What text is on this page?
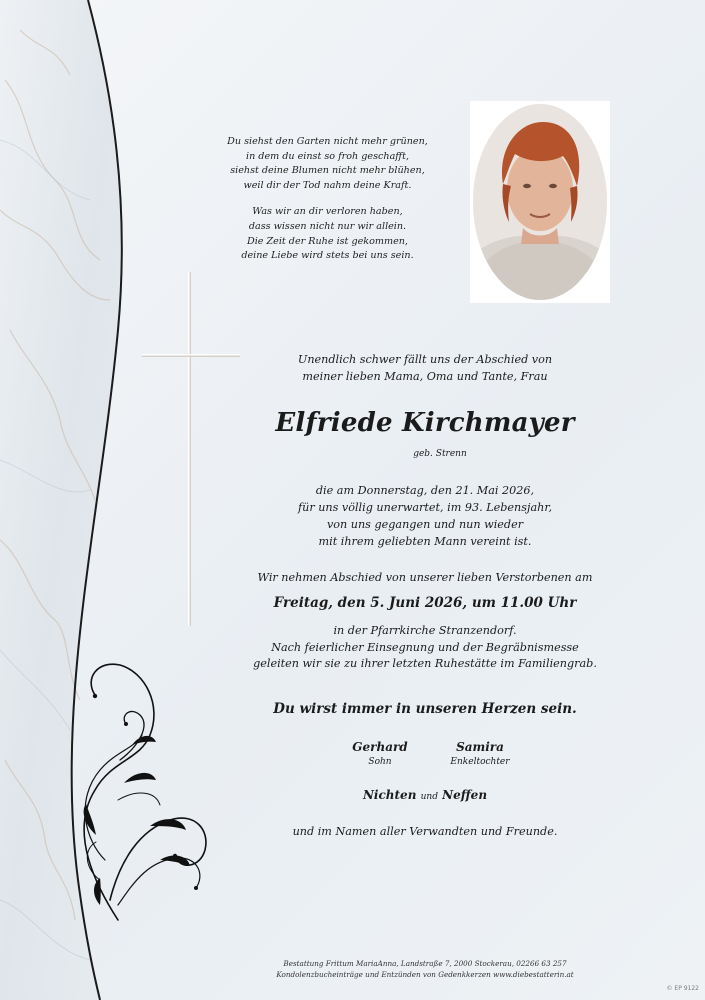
Du siehst den Garten nicht mehr grünen,
in dem du einst so froh geschafft,
siehst deine Blumen nicht mehr blühen,
weil dir der Tod nahm deine Kraft.
Was wir an dir verloren haben,
dass wissen nicht nur wir allein.
Die Zeit der Ruhe ist gekommen,
deine Liebe wird stets bei uns sein.
Unendlich schwer fällt uns der Abschied von
meiner lieben Mama, Oma und Tante, Frau
Elfriede Kirchmayer
geb. Strenn
die am Donnerstag, den 21. Mai 2026,
für uns völlig unerwartet, im 93. Lebensjahr,
von uns gegangen und nun wieder
mit ihrem geliebten Mann vereint ist.
Wir nehmen Abschied von unserer lieben Verstorbenen am
Freitag, den 5. Juni 2026, um 11.00 Uhr
in der Pfarrkirche Stranzendorf.
Nach feierlicher Einsegnung und der Begräbnismesse
geleiten wir sie zu ihrer letzten Ruhestätte im Familiengrab.
Du wirst immer in unseren Herzen sein.
Gerhard
Sohn
Samira
Enkeltochter
Nichten und Neffen
und im Namen aller Verwandten und Freunde.
Bestattung Frittum MariaAnna, Landstraße 7, 2000 Stockerau, 02266 63 257
Kondolenzbucheinträge und Entzünden von Gedenkkerzen www.diebestatterin.at
© EP 9122
